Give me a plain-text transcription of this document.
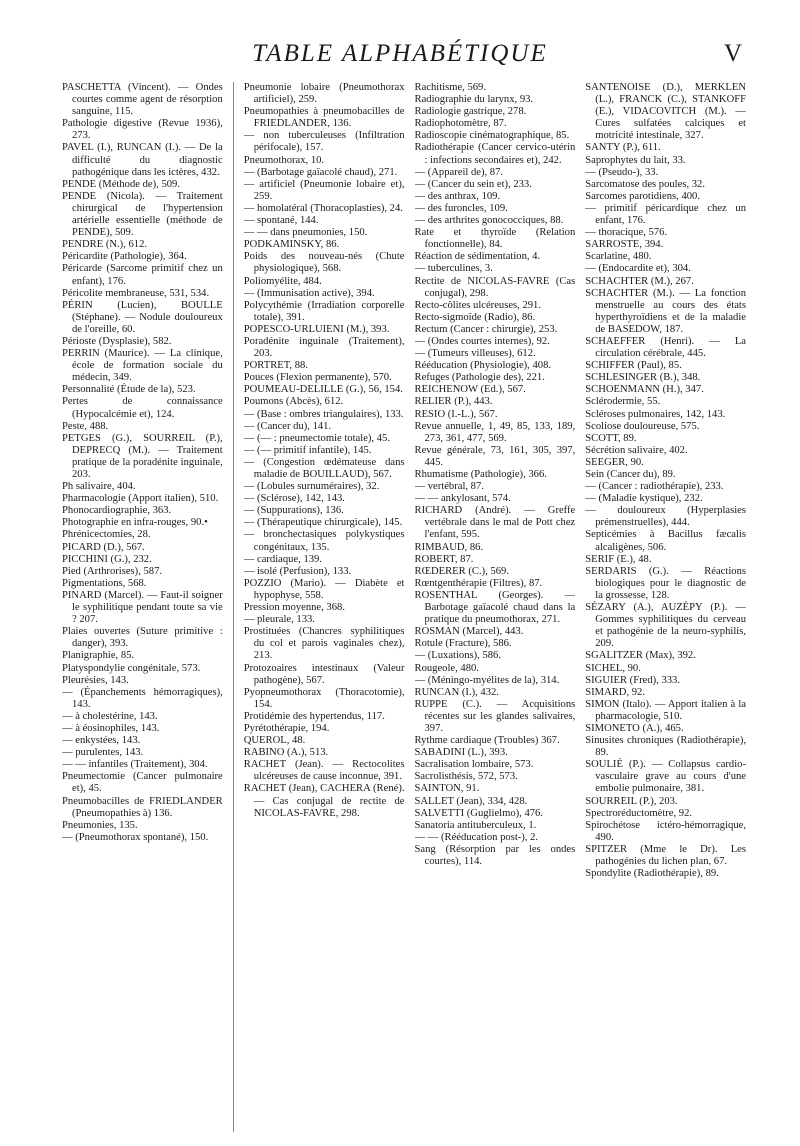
TABLE ALPHABÉTIQUE	V

PASCHETTA (Vincent). — Ondes courtes comme agent de résorption sanguine, 115.

Pathologie digestive (Revue 1936), 273.

PAVEL (I.), RUNCAN (I.). — De la difficulté du diagnostic pathogénique dans les ictères, 432.

PENDE (Méthode de), 509.

PENDE (Nicola). — Traitement chirurgical de l'hypertension artérielle essentielle (méthode de PENDE), 509.

PENDRE (N.), 612.

Péricardite (Pathologie), 364.

Péricarde (Sarcome primitif chez un enfant), 176.

Péricolite membraneuse, 531, 534.

PÉRIN (Lucien), BOULLE (Stéphane). — Nodule douloureux de l'oreille, 60.

Périoste (Dysplasie), 582.

PERRIN (Maurice). — La clinique, école de formation sociale du médecin, 349.

Personnalité (Étude de la), 523.

Pertes de connaissance (Hypocalcémie et), 124.

Peste, 488.

PETGES (G.), SOURREIL (P.), DEPRECQ (M.). — Traitement pratique de la poradénite inguinale, 203.

Ph salivaire, 404.

Pharmacologie (Apport italien), 510.

Phonocardiographie, 363.

Photographie en infra-rouges, 90.•

Phrénicectomies, 28.

PICARD (D.), 567.

PICCHINI (G.), 232.

Pied (Arthrorises), 587.

Pigmentations, 568.

PINARD (Marcel). — Faut-il soigner le syphilitique pendant toute sa vie ? 207.

Plaies ouvertes (Suture primitive : danger), 393.

Planigraphie, 85.

Platyspondylie congénitale, 573.

Pleurésies, 143.

— (Épanchements hémorragiques), 143.

— à cholestérine, 143.

— à éosinophiles, 143.

— enkystées, 143.

— purulentes, 143.

— — infantiles (Traitement), 304.

Pneumectomie (Cancer pulmonaire et), 45.

Pneumobacilles de FRIEDLANDER (Pneumopathies à) 136.

Pneumonies, 135.

— (Pneumothorax spontané), 150.

Pneumonie lobaire (Pneumothorax artificiel), 259.

Pneumopathies à pneumobacilles de FRIEDLANDER, 136.

— non tuberculeuses (Infiltration périfocale), 157.

Pneumothorax, 10.

— (Barbotage gaïacolé chaud), 271.

— artificiel (Pneumonie lobaire et), 259.

— homolatéral (Thoracoplasties), 24.

— spontané, 144.

— — dans pneumonies, 150.

PODKAMINSKY, 86.

Poids des nouveau-nés (Chute physiologique), 568.

Poliomyélite, 484.

— (Immunisation active), 394.

Polycythémie (Irradiation corporelle totale), 391.

POPESCO-URLUIENI (M.), 393.

Poradénite inguinale (Traitement), 203.

PORTRET, 88.

Pouces (Flexion permanente), 570.

POUMEAU-DELILLE (G.), 56, 154.

Poumons (Abcès), 612.

— (Base : ombres triangulaires), 133.

— (Cancer du), 141.

— (— : pneumectomie totale), 45.

— (— primitif infantile), 145.

— (Congestion œdémateuse dans maladie de BOUILLAUD), 567.

— (Lobules surnuméraires), 32.

— (Sclérose), 142, 143.

— (Suppurations), 136.

— (Thérapeutique chirurgicale), 145.

— bronchectasiques polykystiques congénitaux, 135.

— cardiaque, 139.

— isolé (Perfusion), 133.

POZZIO (Mario). — Diabète et hypophyse, 558.

Pression moyenne, 368.

— pleurale, 133.

Prostituées (Chancres syphilitiques du col et parois vaginales chez), 213.

Protozoaires intestinaux (Valeur pathogène), 567.

Pyopneumothorax (Thoracotomie), 154.

Protidémie des hypertendus, 117.

Pyrétothérapie, 194.

QUEROL, 48.

RABINO (A.), 513.

RACHET (Jean). — Rectocolites ulcéreuses de cause inconnue, 391.

RACHET (Jean), CACHERA (René). — Cas conjugal de rectite de NICOLAS-FAVRE, 298.

Rachitisme, 569.

Radiographie du larynx, 93.

Radiologie gastrique, 278.

Radiophotomètre, 87.

Radioscopie cinématographique, 85.

Radiothérapie (Cancer cervico-utérin : infections secondaires et), 242.

— (Appareil de), 87.

— (Cancer du sein et), 233.

— des anthrax, 109.

— des furoncles, 109.

— des arthrites gonococciques, 88.

Rate et thyroïde (Relation fonctionnelle), 84.

Réaction de sédimentation, 4.

— tuberculines, 3.

Rectite de NICOLAS-FAVRE (Cas conjugal), 298.

Recto-côlites ulcéreuses, 291.

Recto-sigmoïde (Radio), 86.

Rectum (Cancer : chirurgie), 253.

— (Ondes courtes internes), 92.

— (Tumeurs villeuses), 612.

Rééducation (Physiologie), 408.

Refuges (Pathologie des), 221.

REICHENOW (Ed.), 567.

RELIER (P.), 443.

RESIO (I.-L.), 567.

Revue annuelle, 1, 49, 85, 133, 189, 273, 361, 477, 569.

Revue générale, 73, 161, 305, 397, 445.

Rhumatisme (Pathologie), 366.

— vertébral, 87.

— — ankylosant, 574.

RICHARD (André). — Greffe vertébrale dans le mal de Pott chez l'enfant, 595.

RIMBAUD, 86.

ROBERT, 87.

RŒDERER (C.), 569.

Rœntgenthérapie (Filtres), 87.

ROSENTHAL (Georges). — Barbotage gaïacolé chaud dans la pratique du pneumothorax, 271.

ROSMAN (Marcel), 443.

Rotule (Fracture), 586.

— (Luxations), 586.

Rougeole, 480.

— (Méningo-myélites de la), 314.

RUNCAN (I.), 432.

RUPPE (C.). — Acquisitions récentes sur les glandes salivaires, 397.

Rythme cardiaque (Troubles) 367.

SABADINI (L.), 393.

Sacralisation lombaire, 573.

Sacrolisthésis, 572, 573.

SAINTON, 91.

SALLET (Jean), 334, 428.

SALVETTI (Guglielmo), 476.

Sanatoria antituberculeux, 1.

— — (Rééducation post-), 2.

Sang (Résorption par les ondes courtes), 114.

SANTENOISE (D.), MERKLEN (L.), FRANCK (C.), STANKOFF (E.), VIDACOVITCH (M.). — Cures sulfatées calciques et motricité intestinale, 327.

SANTY (P.), 611.

Saprophytes du lait, 33.

— (Pseudo-), 33.

Sarcomatose des poules, 32.

Sarcomes parotidiens, 400.

— primitif péricardique chez un enfant, 176.

— thoracique, 576.

SARROSTE, 394.

Scarlatine, 480.

— (Endocardite et), 304.

SCHACHTER (M.), 267.

SCHACHTER (M.). — La fonction menstruelle au cours des états hyperthyroïdiens et de la maladie de BASEDOW, 187.

SCHAEFFER (Henri). — La circulation cérébrale, 445.

SCHIFFER (Paul), 85.

SCHLESINGER (B.), 348.

SCHOENMANN (H.), 347.

Sclérodermie, 55.

Scléroses pulmonaires, 142, 143.

Scoliose douloureuse, 575.

SCOTT, 89.

Sécrétion salivaire, 402.

SEEGER, 90.

Sein (Cancer du), 89.

— (Cancer : radiothérapie), 233.

— (Maladie kystique), 232.

— douloureux (Hyperplasies prémenstruelles), 444.

Septicémies à Bacillus fæcalis alcaligènes, 506.

SERIF (E.), 48.

SERDARIS (G.). — Réactions biologiques pour le diagnostic de la grossesse, 128.

SÉZARY (A.), AUZÉPY (P.). — Gommes syphilitiques du cerveau et pathogénie de la neuro-syphilis, 209.

SGALITZER (Max), 392.

SICHEL, 90.

SIGUIER (Fred), 333.

SIMARD, 92.

SIMON (Italo). — Apport italien à la pharmacologie, 510.

SIMONETO (A.), 465.

Sinusites chroniques (Radiothérapie), 89.

SOULIÉ (P.). — Collapsus cardio-vasculaire grave au cours d'une embolie pulmonaire, 381.

SOURREIL (P.), 203.

Spectroréductomètre, 92.

Spirochétose ictéro-hémorragique, 490.

SPITZER (Mme le Dr). Les pathogénies du lichen plan, 67.

Spondylite (Radiothérapie), 89.
